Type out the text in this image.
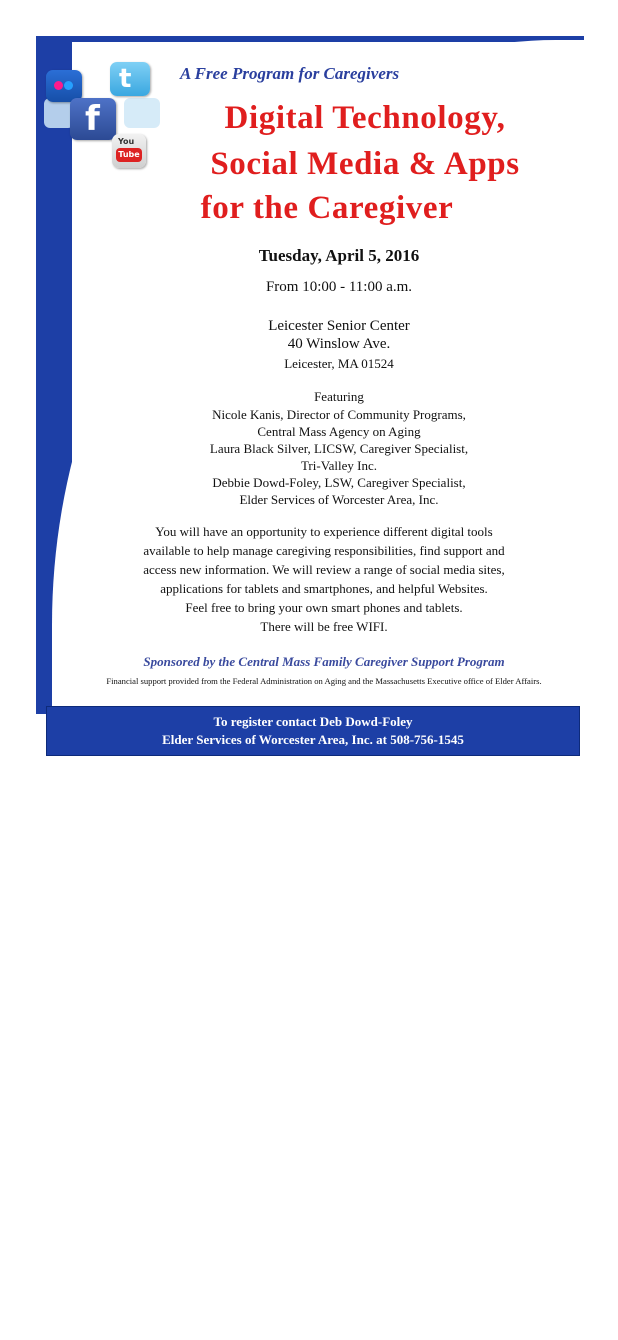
t
f
You
Tube
A Free Program for Caregivers
Digital Technology,
Social Media & Apps
for the Caregiver
Tuesday, April 5, 2016
From 10:00 - 11:00 a.m.
Leicester Senior Center
40 Winslow Ave.
Leicester, MA 01524
Featuring
Nicole Kanis, Director of Community Programs,
Central Mass Agency on Aging
Laura Black Silver, LICSW, Caregiver Specialist,
Tri-Valley Inc.
Debbie Dowd-Foley, LSW, Caregiver Specialist,
Elder Services of Worcester Area, Inc.
You will have an opportunity to experience different digital tools
available to help manage caregiving responsibilities, find support and
access new information. We will review a range of social media sites,
applications for tablets and smartphones, and helpful Websites.
Feel free to bring your own smart phones and tablets.
There will be free WIFI.
Sponsored by the Central Mass Family Caregiver Support Program
Financial support provided from the Federal Administration on Aging and the Massachusetts Executive office of Elder Affairs.
To register contact Deb Dowd-Foley
Elder Services of Worcester Area, Inc. at 508-756-1545
